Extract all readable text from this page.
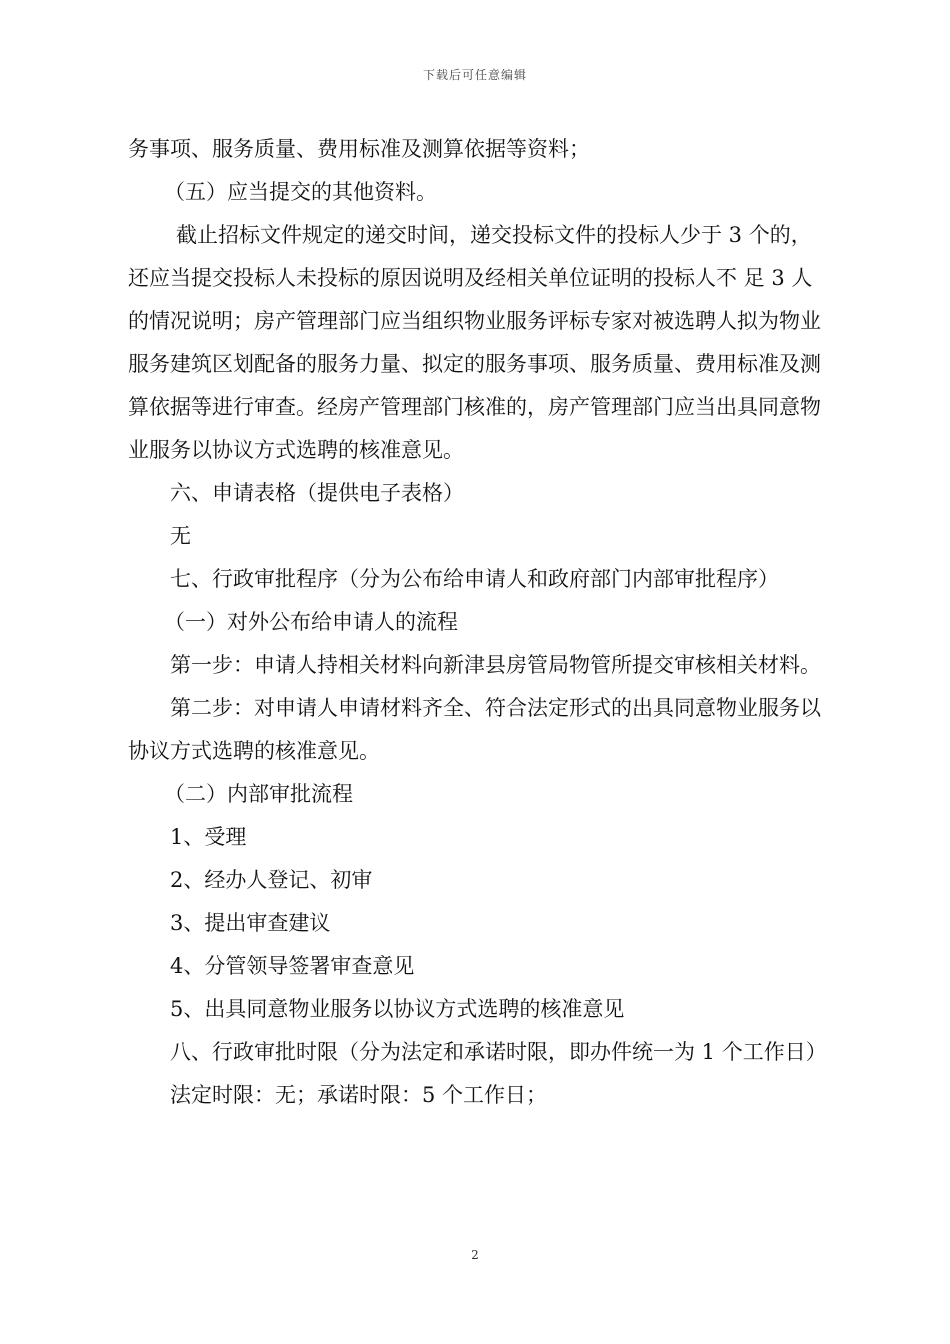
下载后可任意编辑

务事项、服务质量、费用标准及测算依据等资料；

（五）应当提交的其他资料。

截止招标文件规定的递交时间，递交投标文件的投标人少于 3 个的，还应当提交投标人未投标的原因说明及经相关单位证明的投标人不 足 3 人的情况说明；房产管理部门应当组织物业服务评标专家对被选聘人拟为物业服务建筑区划配备的服务力量、拟定的服务事项、服务质量、费用标准及测算依据等进行审查。经房产管理部门核准的，房产管理部门应当出具同意物业服务以协议方式选聘的核准意见。

六、申请表格（提供电子表格）

无

七、行政审批程序（分为公布给申请人和政府部门内部审批程序）

（一）对外公布给申请人的流程

第一步：申请人持相关材料向新津县房管局物管所提交审核相关材料。

第二步：对申请人申请材料齐全、符合法定形式的出具同意物业服务以协议方式选聘的核准意见。

（二）内部审批流程

1、受理

2、经办人登记、初审

3、提出审查建议

4、分管领导签署审查意见

5、出具同意物业服务以协议方式选聘的核准意见

八、行政审批时限（分为法定和承诺时限，即办件统一为 1 个工作日）

法定时限：无；承诺时限：5 个工作日；

2
